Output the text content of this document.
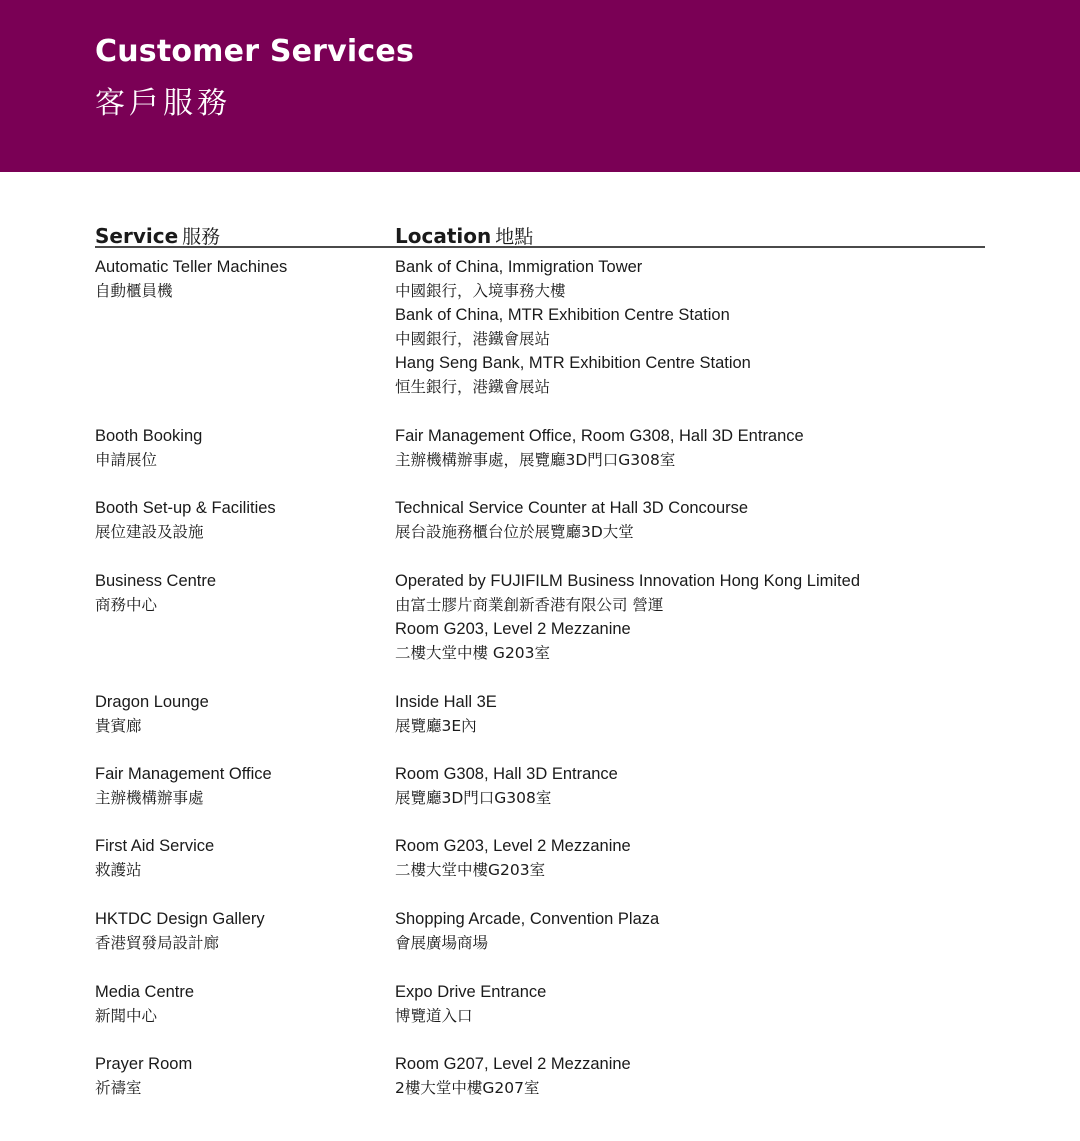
Customer Services
客戶服務
Service 服務	Location 地點
Automatic Teller Machines
自動櫃員機
Bank of China, Immigration Tower
中國銀行，入境事務大樓
Bank of China, MTR Exhibition Centre Station
中國銀行，港鐵會展站
Hang Seng Bank, MTR Exhibition Centre Station
恒生銀行，港鐵會展站
Booth Booking
申請展位
Fair Management Office, Room G308, Hall 3D Entrance
主辦機構辦事處，展覽廳3D門口G308室
Booth Set-up & Facilities
展位建設及設施
Technical Service Counter at Hall 3D Concourse
展台設施務櫃台位於展覽廳3D大堂
Business Centre
商務中心
Operated by FUJIFILM Business Innovation Hong Kong Limited
由富士膠片商業創新香港有限公司 營運
Room G203, Level 2 Mezzanine
二樓大堂中樓 G203室
Dragon Lounge
貴賓廊
Inside Hall 3E
展覽廳3E內
Fair Management Office
主辦機構辦事處
Room G308, Hall 3D Entrance
展覽廳3D門口G308室
First Aid Service
救護站
Room G203, Level 2 Mezzanine
二樓大堂中樓G203室
HKTDC Design Gallery
香港貿發局設計廊
Shopping Arcade, Convention Plaza
會展廣場商場
Media Centre
新聞中心
Expo Drive Entrance
博覽道入口
Prayer Room
祈禱室
Room G207, Level 2 Mezzanine
2樓大堂中樓G207室
